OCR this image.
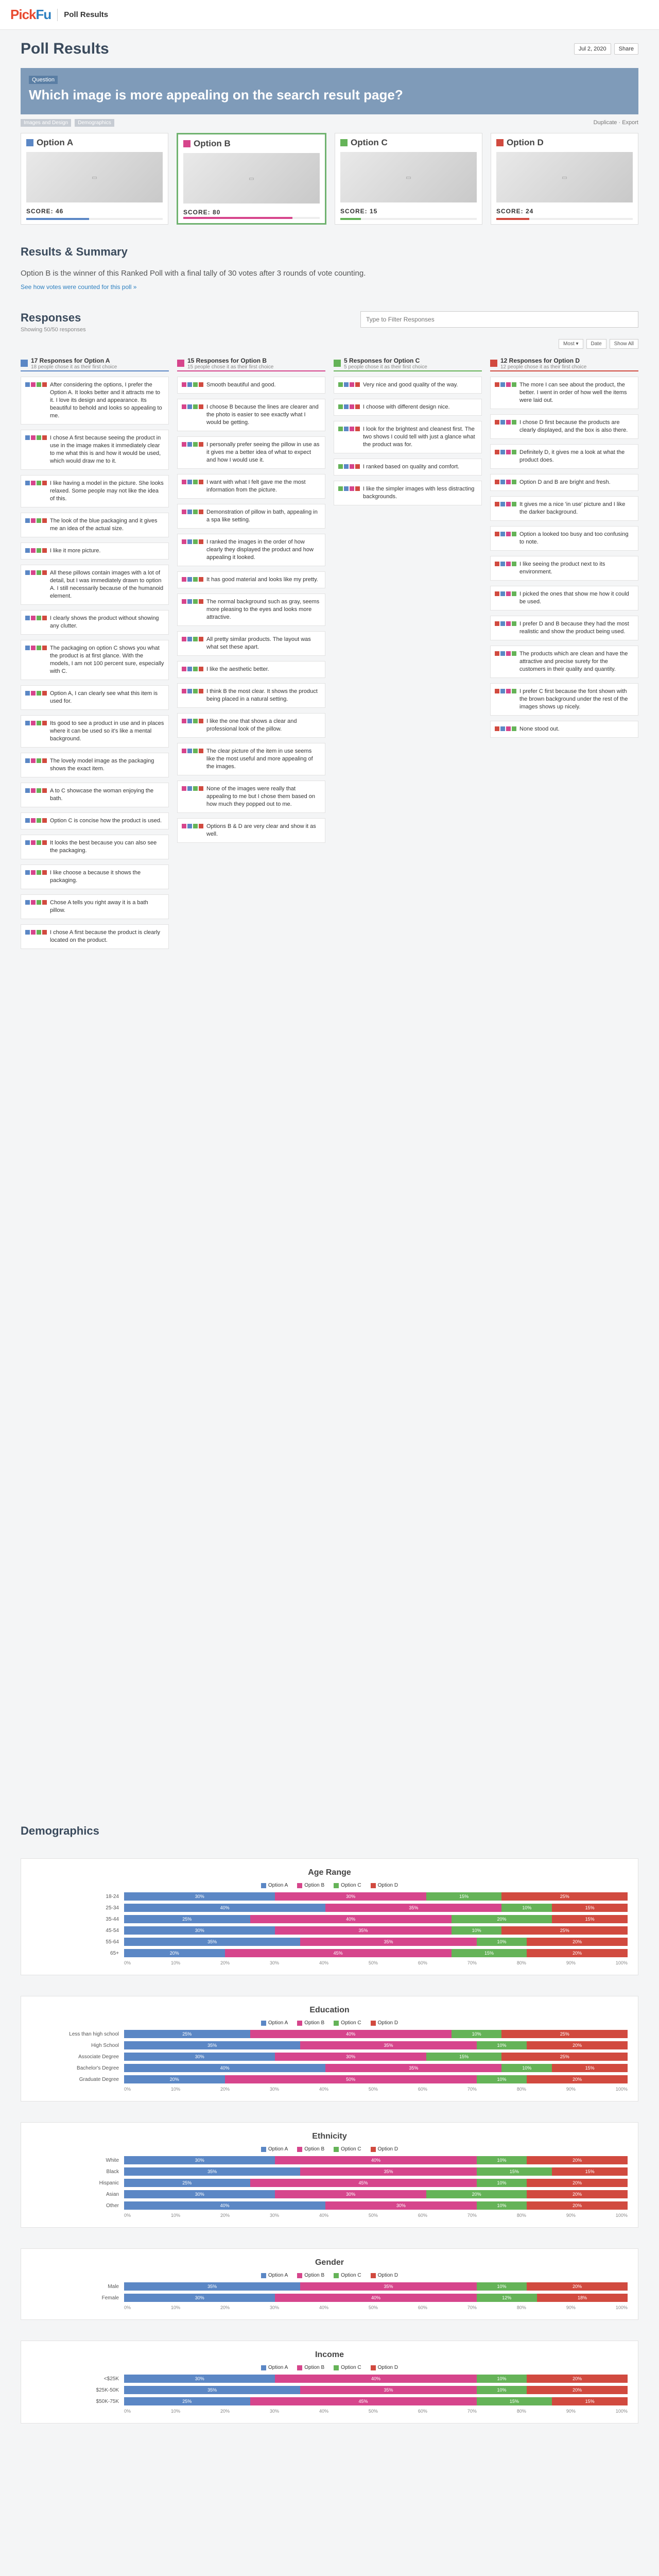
PickFu Poll Results
Poll Results	Jul 2, 2020	Share
Question
Which image is more appealing on the search result page?
Images and Design Demographics	Duplicate · Export
Option A
▭
SCORE: 46
Option B
▭
SCORE: 80
Option C
▭
SCORE: 15
Option D
▭
SCORE: 24
Results & Summary

Option B is the winner of this Ranked Poll with a final tally of 30 votes after 3 rounds of vote counting.

See how votes were counted for this poll »
Responses
Showing 50/50 responses
Type to Filter Responses
Most ▾	Date	Show All
17 Responses for Option A
18 people chose it as their first choice
After considering the options, I prefer the Option A. It looks better and it attracts me to it. I love its design and appearance. Its beautiful to behold and looks so appealing to me.
I chose A first because seeing the product in use in the image makes it immediately clear to me what this is and how it would be used, which would draw me to it.
I like having a model in the picture. She looks relaxed. Some people may not like the idea of this.
The look of the blue packaging and it gives me an idea of the actual size.
I like it more picture.
All these pillows contain images with a lot of detail, but I was immediately drawn to option A. I still necessarily because of the humanoid element.
I clearly shows the product without showing any clutter.
The packaging on option C shows you what the product is at first glance. With the models, I am not 100 percent sure, especially with C.
Option A, I can clearly see what this item is used for.
Its good to see a product in use and in places where it can be used so it's like a mental background.
The lovely model image as the packaging shows the exact item.
A to C showcase the woman enjoying the bath.
Option C is concise how the product is used.
It looks the best because you can also see the packaging.
I like choose a because it shows the packaging.
Chose A tells you right away it is a bath pillow.
I chose A first because the product is clearly located on the product.
15 Responses for Option B
15 people chose it as their first choice
Smooth beautiful and good.
I choose B because the lines are clearer and the photo is easier to see exactly what I would be getting.
I personally prefer seeing the pillow in use as it gives me a better idea of what to expect and how I would use it.
I want with what I felt gave me the most information from the picture.
Demonstration of pillow in bath, appealing in a spa like setting.
I ranked the images in the order of how clearly they displayed the product and how appealing it looked.
It has good material and looks like my pretty.
The normal background such as gray, seems more pleasing to the eyes and looks more attractive.
All pretty similar products. The layout was what set these apart.
I like the aesthetic better.
I think B the most clear. It shows the product being placed in a natural setting.
I like the one that shows a clear and professional look of the pillow.
The clear picture of the item in use seems like the most useful and more appealing of the images.
None of the images were really that appealing to me but I chose them based on how much they popped out to me.
Options B & D are very clear and show it as well.
5 Responses for Option C
5 people chose it as their first choice
Very nice and good quality of the way.
I choose with different design nice.
I look for the brightest and cleanest first. The two shows I could tell with just a glance what the product was for.
I ranked based on quality and comfort.
I like the simpler images with less distracting backgrounds.
12 Responses for Option D
12 people chose it as their first choice
The more I can see about the product, the better. I went in order of how well the items were laid out.
I chose D first because the products are clearly displayed, and the box is also there.
Definitely D, it gives me a look at what the product does.
Option D and B are bright and fresh.
It gives me a nice 'in use' picture and I like the darker background.
Option a looked too busy and too confusing to note.
I like seeing the product next to its environment.
I picked the ones that show me how it could be used.
I prefer D and B because they had the most realistic and show the product being used.
The products which are clean and have the attractive and precise surety for the customers in their quality and quantity.
I prefer C first because the font shown with the brown background under the rest of the images shows up nicely.
None stood out.
Demographics
Age Range
Option A	Option B	Option C	Option D
18-24	30%	30%	15%	25%
25-34	40%	35%	10%	15%
35-44	25%	40%	20%	15%
45-54	30%	35%	10%	25%
55-64	35%	35%	10%	20%
65+	20%	45%	15%	20%
0%	10%	20%	30%	40%	50%	60%	70%	80%	90%	100%
Education
Option A	Option B	Option C	Option D
Less than high school	25%	40%	10%	25%
High School	35%	35%	10%	20%
Associate Degree	30%	30%	15%	25%
Bachelor's Degree	40%	35%	10%	15%
Graduate Degree	20%	50%	10%	20%
0%	10%	20%	30%	40%	50%	60%	70%	80%	90%	100%
Ethnicity
Option A	Option B	Option C	Option D
White	30%	40%	10%	20%
Black	35%	35%	15%	15%
Hispanic	25%	45%	10%	20%
Asian	30%	30%	20%	20%
Other	40%	30%	10%	20%
0%	10%	20%	30%	40%	50%	60%	70%	80%	90%	100%
Gender
Option A	Option B	Option C	Option D
Male	35%	35%	10%	20%
Female	30%	40%	12%	18%
0%	10%	20%	30%	40%	50%	60%	70%	80%	90%	100%
Income
Option A	Option B	Option C	Option D
<$25K	30%	40%	10%	20%
$25K-50K	35%	35%	10%	20%
$50K-75K	25%	45%	15%	15%
0%	10%	20%	30%	40%	50%	60%	70%	80%	90%	100%
